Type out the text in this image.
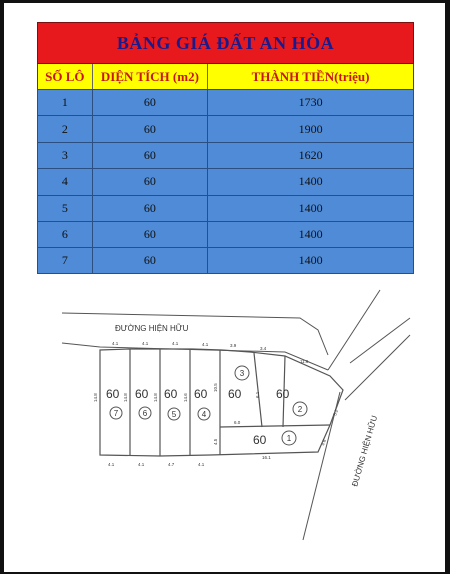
BẢNG GIÁ ĐẤT AN HÒA
SỐ LÔ	DIỆN TÍCH (m2)	THÀNH TIỀN(triệu)
1	60	1730
2	60	1900
3	60	1620
4	60	1400
5	60	1400
6	60	1400
7	60	1400
ĐƯỜNG HIỆN HỮU
ĐƯỜNG HIỆN HỮU
60 60 60 60 60	60
60
7	6	5	4
3
2
1
4.1	4.1	4.1	4.1	3.9
3.4
11.6
4.1	4.1	4.7	4.1
16.1
14.8	14.8	14.8	14.6
10.5
6.1
4.5
6.0
5.2
4.6
